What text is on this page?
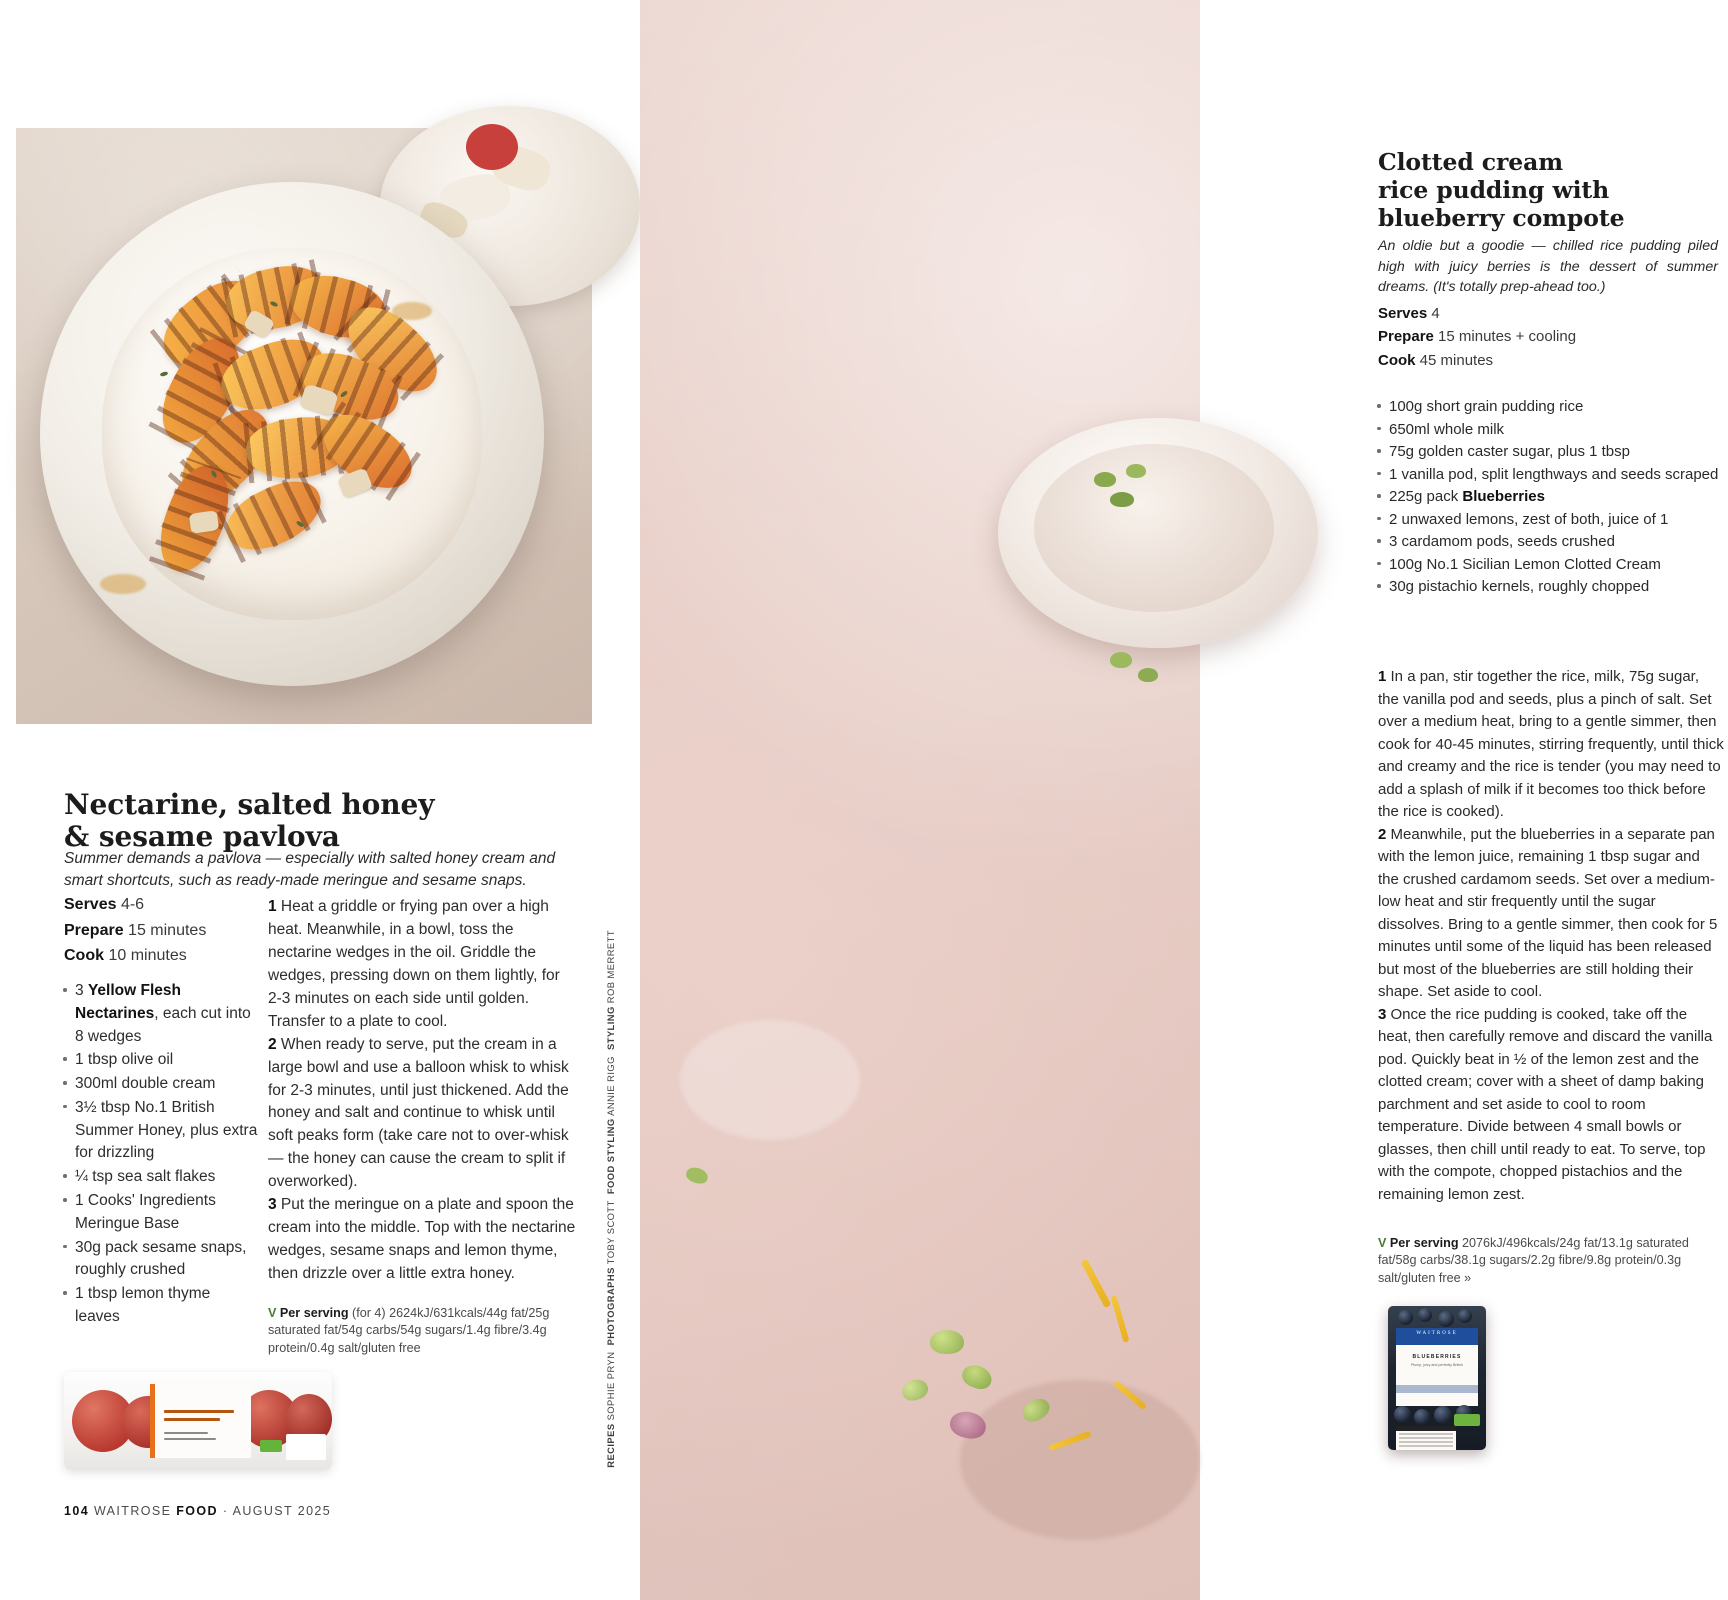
Nectarine, salted honey
& sesame pavlova

Summer demands a pavlova — especially with salted honey cream and smart shortcuts, such as ready-made meringue and sesame snaps.

Serves 4-6
Prepare 15 minutes
Cook 10 minutes
3 Yellow Flesh Nectarines, each cut into 8 wedges
1 tbsp olive oil
300ml double cream
3½ tbsp No.1 British Summer Honey, plus extra for drizzling
¼ tsp sea salt flakes
1 Cooks' Ingredients Meringue Base
30g pack sesame snaps, roughly crushed
1 tbsp lemon thyme leaves

1 Heat a griddle or frying pan over a high heat. Meanwhile, in a bowl, toss the nectarine wedges in the oil. Griddle the wedges, pressing down on them lightly, for 2-3 minutes on each side until golden. Transfer to a plate to cool.

2 When ready to serve, put the cream in a large bowl and use a balloon whisk to whisk for 2-3 minutes, until just thickened. Add the honey and salt and continue to whisk until soft peaks form (take care not to over-whisk — the honey can cause the cream to split if overworked).

3 Put the meringue on a plate and spoon the cream into the middle. Top with the nectarine wedges, sesame snaps and lemon thyme, then drizzle over a little extra honey.

V Per serving (for 4) 2624kJ/631kcals/44g fat/25g saturated fat/54g carbs/54g sugars/1.4g fibre/3.4g protein/0.4g salt/gluten free

104 WAITROSE FOOD · AUGUST 2025
RECIPES SOPHIE PRYN  PHOTOGRAPHS TOBY SCOTT  FOOD STYLING ANNIE RIGG  STYLING ROB MERRETT
Clotted cream
rice pudding with
blueberry compote

An oldie but a goodie — chilled rice pudding piled high with juicy berries is the dessert of summer dreams. (It's totally prep-ahead too.)

Serves 4
Prepare 15 minutes + cooling
Cook 45 minutes
100g short grain pudding rice
650ml whole milk
75g golden caster sugar, plus 1 tbsp
1 vanilla pod, split lengthways and seeds scraped
225g pack Blueberries
2 unwaxed lemons, zest of both, juice of 1
3 cardamom pods, seeds crushed
100g No.1 Sicilian Lemon Clotted Cream
30g pistachio kernels, roughly chopped

1 In a pan, stir together the rice, milk, 75g sugar, the vanilla pod and seeds, plus a pinch of salt. Set over a medium heat, bring to a gentle simmer, then cook for 40-45 minutes, stirring frequently, until thick and creamy and the rice is tender (you may need to add a splash of milk if it becomes too thick before the rice is cooked).

2 Meanwhile, put the blueberries in a separate pan with the lemon juice, remaining 1 tbsp sugar and the crushed cardamom seeds. Set over a medium-low heat and stir frequently until the sugar dissolves. Bring to a gentle simmer, then cook for 5 minutes until some of the liquid has been released but most of the blueberries are still holding their shape. Set aside to cool.

3 Once the rice pudding is cooked, take off the heat, then carefully remove and discard the vanilla pod. Quickly beat in ½ of the lemon zest and the clotted cream; cover with a sheet of damp baking parchment and set aside to cool to room temperature. Divide between 4 small bowls or glasses, then chill until ready to eat. To serve, top with the compote, chopped pistachios and the remaining lemon zest.

V Per serving 2076kJ/496kcals/24g fat/13.1g saturated fat/58g carbs/38.1g sugars/2.2g fibre/9.8g protein/0.3g salt/gluten free »

WAITROSE
BLUEBERRIES
Plump, juicy and perfectly British
